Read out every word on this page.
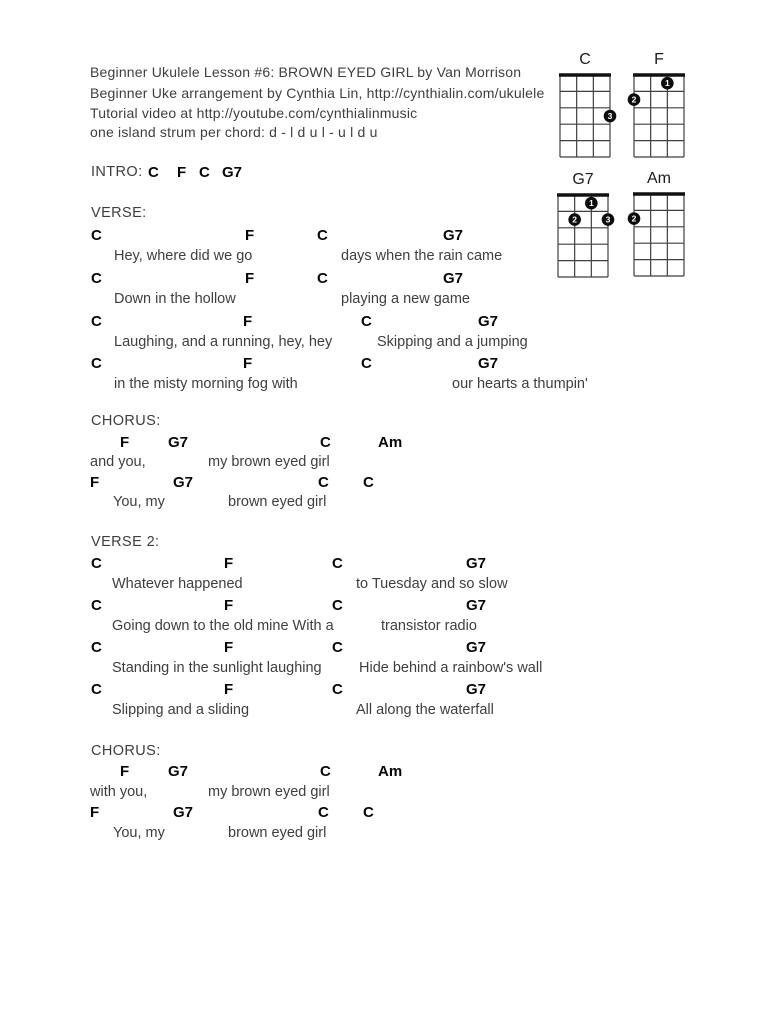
Beginner Ukulele Lesson #6: BROWN EYED GIRL by Van Morrison
Beginner Uke arrangement by Cynthia Lin, http://cynthialin.com/ukulele
Tutorial video at http://youtube.com/cynthialinmusic
one island strum per chord: d - l d u l - u l d u
INTRO: C F C G7
VERSE:
C	F	C	G7
Hey, where did we go	days when the rain came
C	F	C	G7
Down in the hollow	playing a new game
C	F	C	G7
Laughing, and a running, hey, hey	Skipping and a jumping
C	F	C	G7
in the misty morning fog with	our hearts a thumpin'
CHORUS:
F	G7	C	Am
and you,	my brown eyed girl
F	G7	C C
You, my	brown eyed girl
VERSE 2:
C	F	C	G7
Whatever happened	to Tuesday and so slow
C	F	C	G7
Going down to the old mine With a	transistor radio
C	F	C	G7
Standing in the sunlight laughing	Hide behind a rainbow's wall
C	F	C	G7
Slipping and a sliding	All along the waterfall
CHORUS:
F	G7	C	Am
with you,	my brown eyed girl
F	G7	C C
You, my	brown eyed girl
C
3
F
1
2
G7
1
2	3
Am
2
